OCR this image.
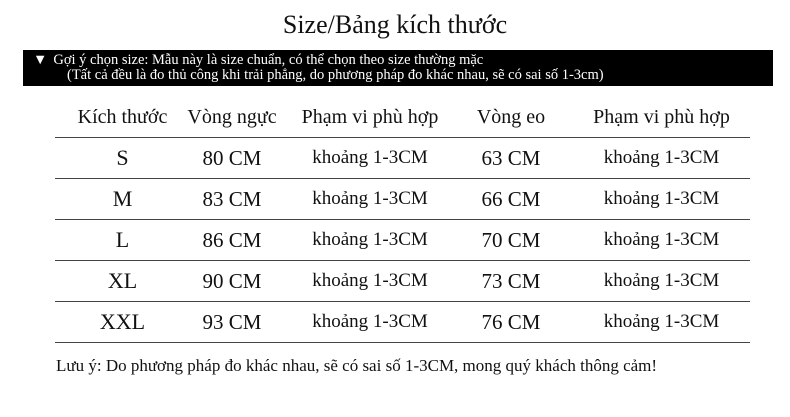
Size/Bảng kích thước
▼ Gợi ý chọn size: Mẫu này là size chuẩn, có thể chọn theo size thường mặc
(Tất cả đều là đo thủ công khi trải phẳng, do phương pháp đo khác nhau, sẽ có sai số 1-3cm)
Kích thước	Vòng ngực	Phạm vi phù hợp	Vòng eo	Phạm vi phù hợp
S	80 CM	khoảng 1-3CM	63 CM	khoảng 1-3CM
M	83 CM	khoảng 1-3CM	66 CM	khoảng 1-3CM
L	86 CM	khoảng 1-3CM	70 CM	khoảng 1-3CM
XL	90 CM	khoảng 1-3CM	73 CM	khoảng 1-3CM
XXL	93 CM	khoảng 1-3CM	76 CM	khoảng 1-3CM
Lưu ý: Do phương pháp đo khác nhau, sẽ có sai số 1-3CM, mong quý khách thông cảm!
